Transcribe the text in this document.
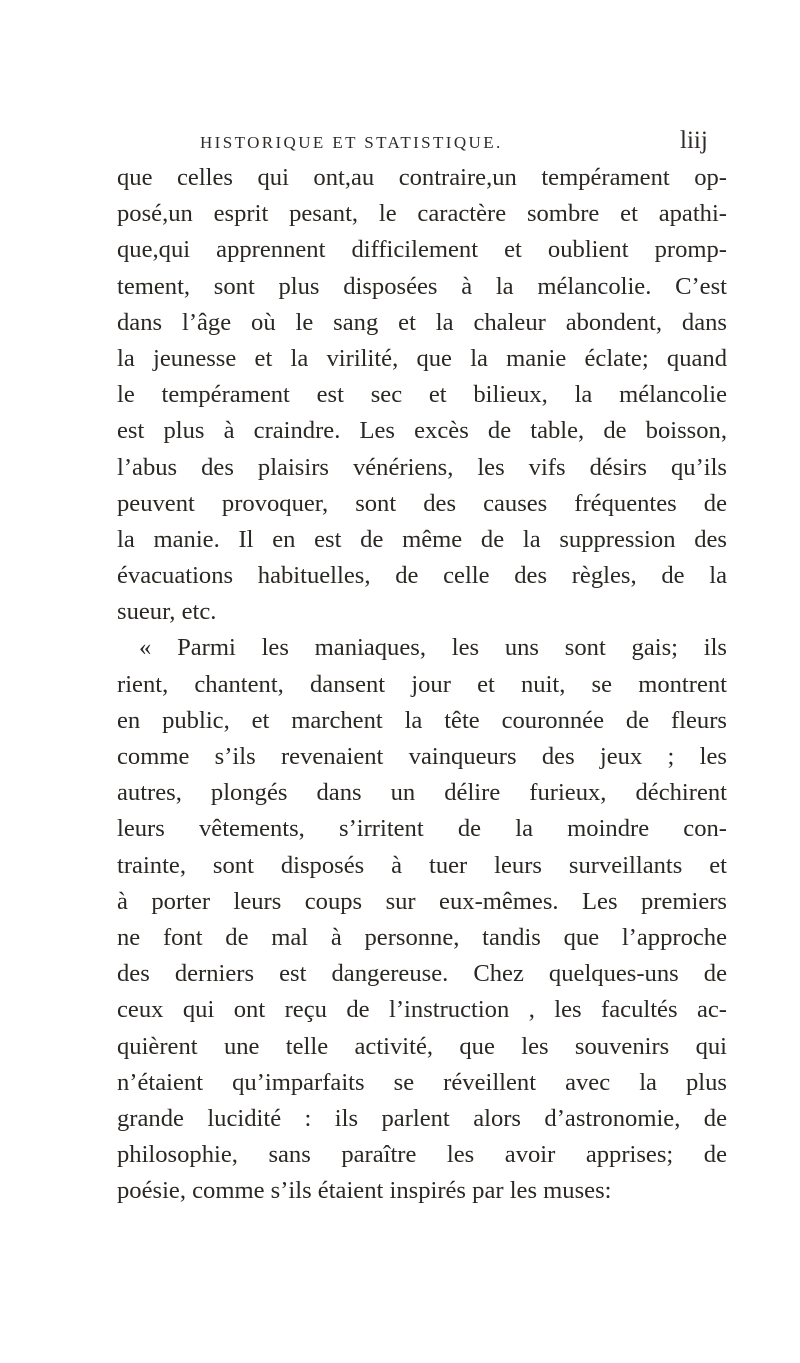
HISTORIQUE ET STATISTIQUE.	liij
que celles qui ont,au contraire,un tempérament op-
posé,un esprit pesant, le caractère sombre et apathi-
que,qui apprennent difficilement et oublient promp-
tement, sont plus disposées à la mélancolie. C’est
dans l’âge où le sang et la chaleur abondent, dans
la jeunesse et la virilité, que la manie éclate; quand
le tempérament est sec et bilieux, la mélancolie
est plus à craindre. Les excès de table, de boisson,
l’abus des plaisirs vénériens, les vifs désirs qu’ils
peuvent provoquer, sont des causes fréquentes de
la manie. Il en est de même de la suppression des
évacuations habituelles, de celle des règles, de la
sueur, etc.
« Parmi les maniaques, les uns sont gais; ils
rient, chantent, dansent jour et nuit, se montrent
en public, et marchent la tête couronnée de fleurs
comme s’ils revenaient vainqueurs des jeux ; les
autres, plongés dans un délire furieux, déchirent
leurs vêtements, s’irritent de la moindre con-
trainte, sont disposés à tuer leurs surveillants et
à porter leurs coups sur eux-mêmes. Les premiers
ne font de mal à personne, tandis que l’approche
des derniers est dangereuse. Chez quelques-uns de
ceux qui ont reçu de l’instruction , les facultés ac-
quièrent une telle activité, que les souvenirs qui
n’étaient qu’imparfaits se réveillent avec la plus
grande lucidité : ils parlent alors d’astronomie, de
philosophie, sans paraître les avoir apprises; de
poésie, comme s’ils étaient inspirés par les muses:
